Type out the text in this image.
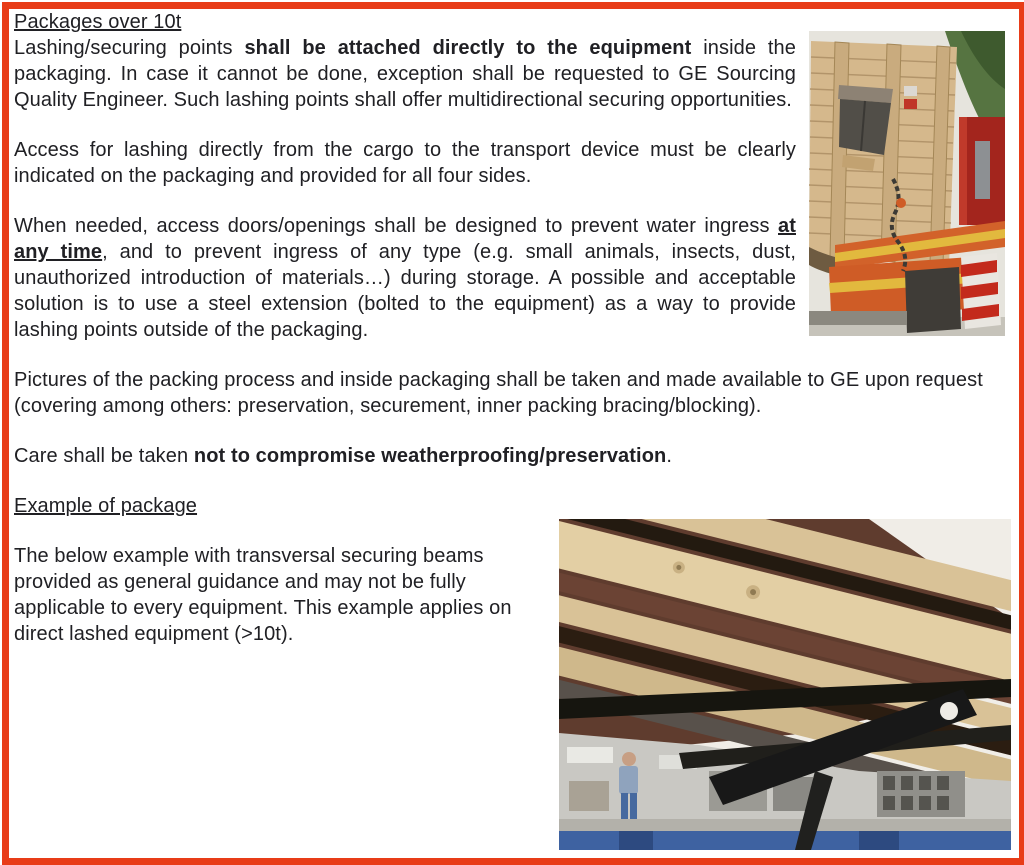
Packages over 10t

Lashing/securing points shall be attached directly to the equipment inside the packaging. In case it cannot be done, exception shall be requested to GE Sourcing Quality Engineer. Such lashing points shall offer multidirectional securing opportunities.

Access for lashing directly from the cargo to the transport device must be clearly indicated on the packaging and provided for all four sides.

When needed, access doors/openings shall be designed to prevent water ingress at any time, and to prevent ingress of any type (e.g. small animals, insects, dust, unauthorized introduction of materials…) during storage. A possible and acceptable solution is to use a steel extension (bolted to the equipment) as a way to provide lashing points outside of the packaging.

Pictures of the packing process and inside packaging shall be taken and made available to GE upon request (covering among others: preservation, securement, inner packing bracing/blocking).

Care shall be taken not to compromise weatherproofing/preservation.

Example of package

The below example with transversal securing beams provided as general guidance and may not be fully applicable to every equipment. This example applies on direct lashed equipment (>10t).
